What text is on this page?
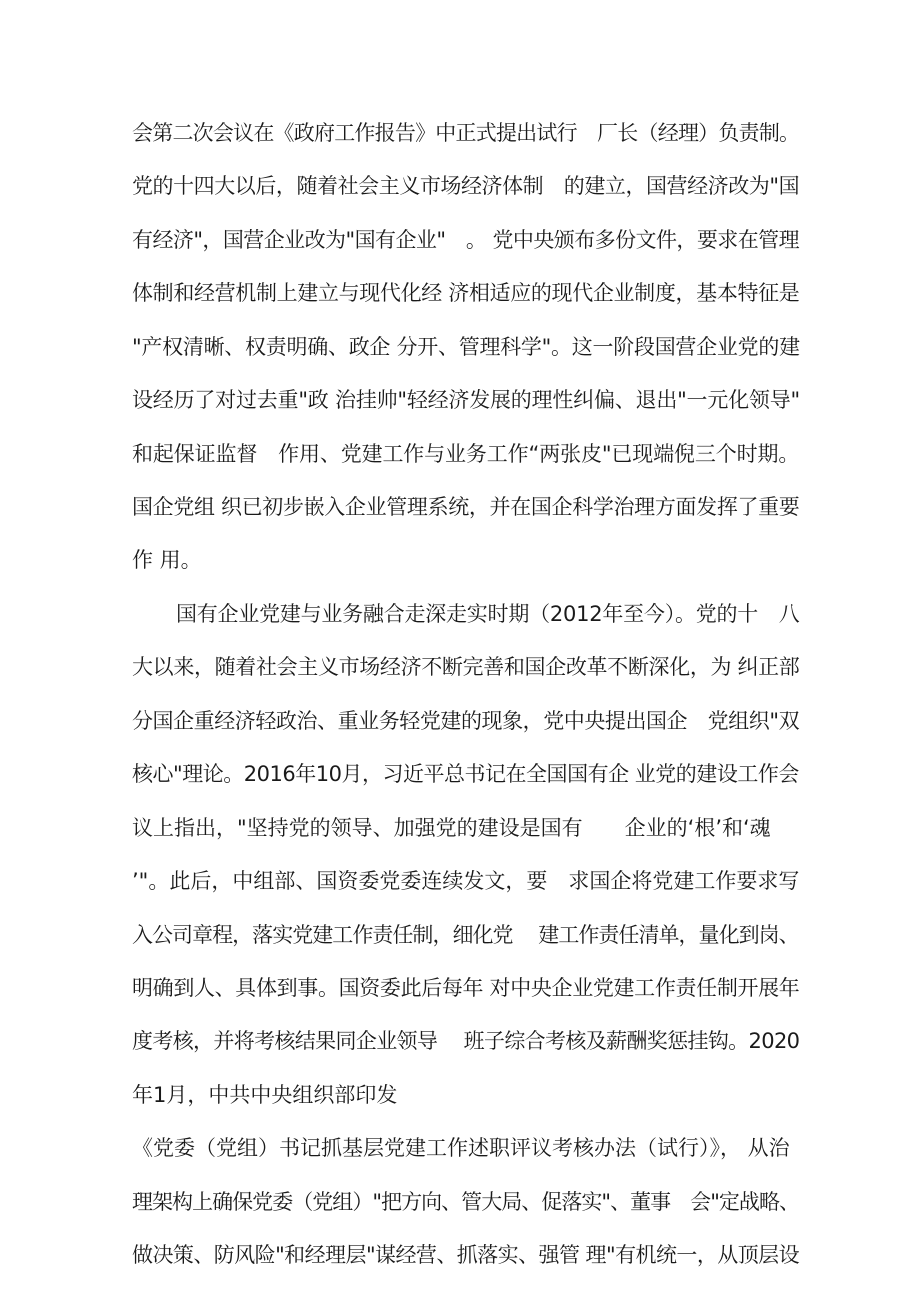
会第二次会议在《政府工作报告》中正式提出试行　厂长（经理）负责制。

党的十四大以后，随着社会主义市场经济体制　的建立，国营经济改为"国

有经济"，国营企业改为"国有企业"　。 党中央颁布多份文件，要求在管理

体制和经营机制上建立与现代化经 济相适应的现代企业制度，基本特征是

"产权清晰、权责明确、政企 分开、管理科学"。这一阶段国营企业党的建

设经历了对过去重"政 治挂帅"轻经济发展的理性纠偏、退出"一元化领导"

和起保证监督　作用、党建工作与业务工作“两张皮"已现端倪三个时期。

国企党组 织已初步嵌入企业管理系统，并在国企科学治理方面发挥了重要

作 用。

国有企业党建与业务融合走深走实时期（2012年至今）。党的十　八

大以来，随着社会主义市场经济不断完善和国企改革不断深化，为 纠正部

分国企重经济轻政治、重业务轻党建的现象，党中央提出国企　党组织"双

核心"理论。2016年10月，习近平总书记在全国国有企 业党的建设工作会

议上指出，"坚持党的领导、加强党的建设是国有　　企业的‘根’和‘魂

’"。此后，中组部、国资委党委连续发文，要　求国企将党建工作要求写

入公司章程，落实党建工作责任制，细化党　 建工作责任清单，量化到岗、

明确到人、具体到事。国资委此后每年 对中央企业党建工作责任制开展年

度考核，并将考核结果同企业领导　 班子综合考核及薪酬奖惩挂钩。2020

年1月，中共中央组织部印发

《党委（党组）书记抓基层党建工作述职评议考核办法（试行）》， 从治

理架构上确保党委（党组）"把方向、管大局、促落实"、董事　会"定战略、

做决策、防风险"和经理层"谋经营、抓落实、强管 理"有机统一，从顶层设
